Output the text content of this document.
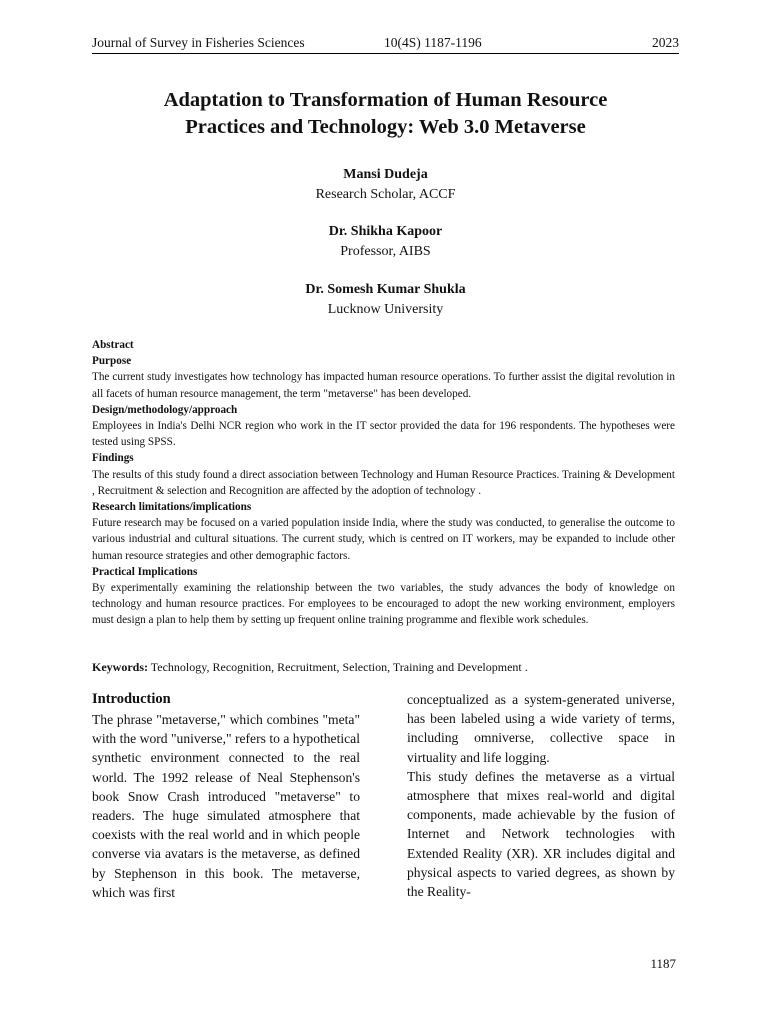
Journal of Survey in Fisheries Sciences	10(4S) 1187-1196	2023
Adaptation to Transformation of Human Resource
Practices and Technology: Web 3.0 Metaverse
Mansi Dudeja
Research Scholar, ACCF
Dr. Shikha Kapoor
Professor, AIBS
Dr. Somesh Kumar Shukla
Lucknow University
Abstract
Purpose

The current study investigates how technology has impacted human resource operations. To further assist the digital revolution in all facets of human resource management, the term "metaverse" has been developed.

Design/methodology/approach

Employees in India's Delhi NCR region who work in the IT sector provided the data for 196 respondents. The hypotheses were tested using SPSS.

Findings

The results of this study found a direct association between Technology and Human Resource Practices. Training & Development , Recruitment & selection and Recognition are affected by the adoption of technology .

Research limitations/implications

Future research may be focused on a varied population inside India, where the study was conducted, to generalise the outcome to various industrial and cultural situations. The current study, which is centred on IT workers, may be expanded to include other human resource strategies and other demographic factors.

Practical Implications

By experimentally examining the relationship between the two variables, the study advances the body of knowledge on technology and human resource practices. For employees to be encouraged to adopt the new working environment, employers must design a plan to help them by setting up frequent online training programme and flexible work schedules.

Keywords: Technology, Recognition, Recruitment, Selection, Training and Development .
Introduction

The phrase "metaverse," which combines "meta" with the word "universe," refers to a hypothetical synthetic environment connected to the real world. The 1992 release of Neal Stephenson's book Snow Crash introduced "metaverse" to readers. The huge simulated atmosphere that coexists with the real world and in which people converse via avatars is the metaverse, as defined by Stephenson in this book. The metaverse, which was first

conceptualized as a system-generated universe, has been labeled using a wide variety of terms, including omniverse, collective space in virtuality and life logging.

This study defines the metaverse as a virtual atmosphere that mixes real-world and digital components, made achievable by the fusion of Internet and Network technologies with Extended Reality (XR). XR includes digital and physical aspects to varied degrees, as shown by the Reality-

1187
